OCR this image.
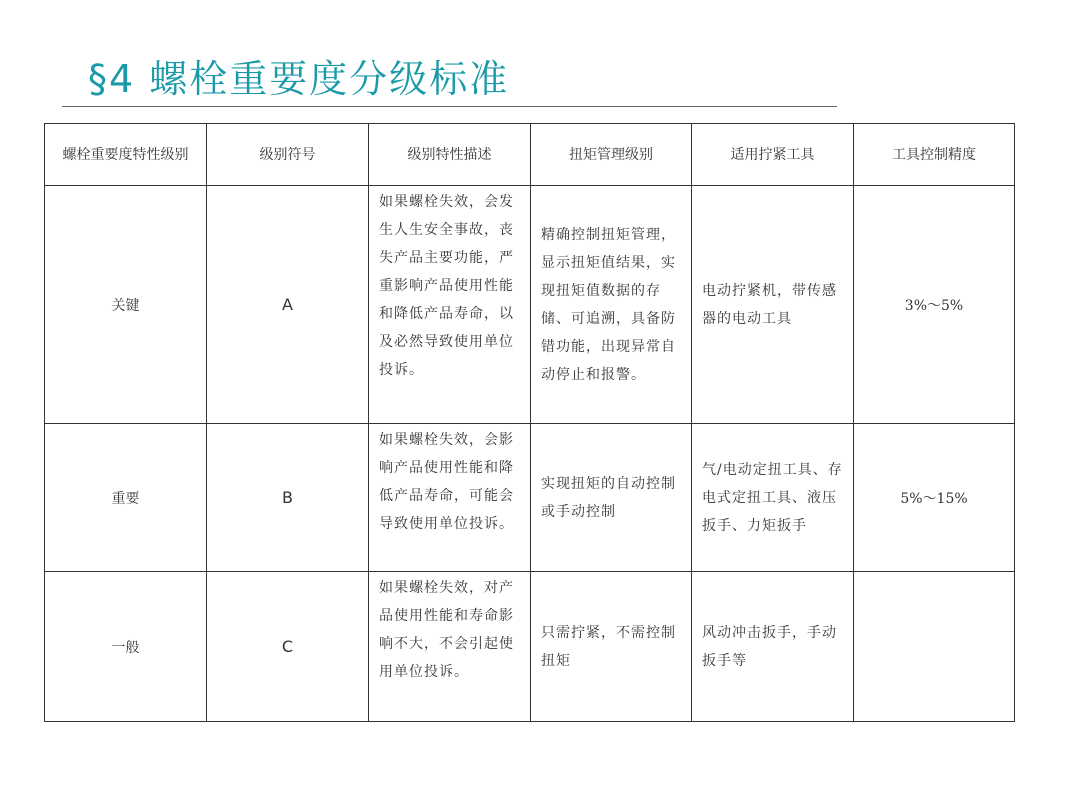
§4 螺栓重要度分级标准
螺栓重要度特性级别	级别符号	级别特性描述	扭矩管理级别	适用拧紧工具	工具控制精度
关键	A	如果螺栓失效，会发生人生安全事故，丧失产品主要功能，严重影响产品使用性能和降低产品寿命，以及必然导致使用单位投诉。	精确控制扭矩管理，显示扭矩值结果，实现扭矩值数据的存储、可追溯，具备防错功能，出现异常自动停止和报警。	电动拧紧机，带传感器的电动工具	3%～5%
重要	B	如果螺栓失效，会影响产品使用性能和降低产品寿命，可能会导致使用单位投诉。	实现扭矩的自动控制或手动控制	气/电动定扭工具、存电式定扭工具、液压扳手、力矩扳手	5%～15%
一般	C	如果螺栓失效，对产品使用性能和寿命影响不大，不会引起使用单位投诉。	只需拧紧，不需控制扭矩	风动冲击扳手，手动扳手等	
